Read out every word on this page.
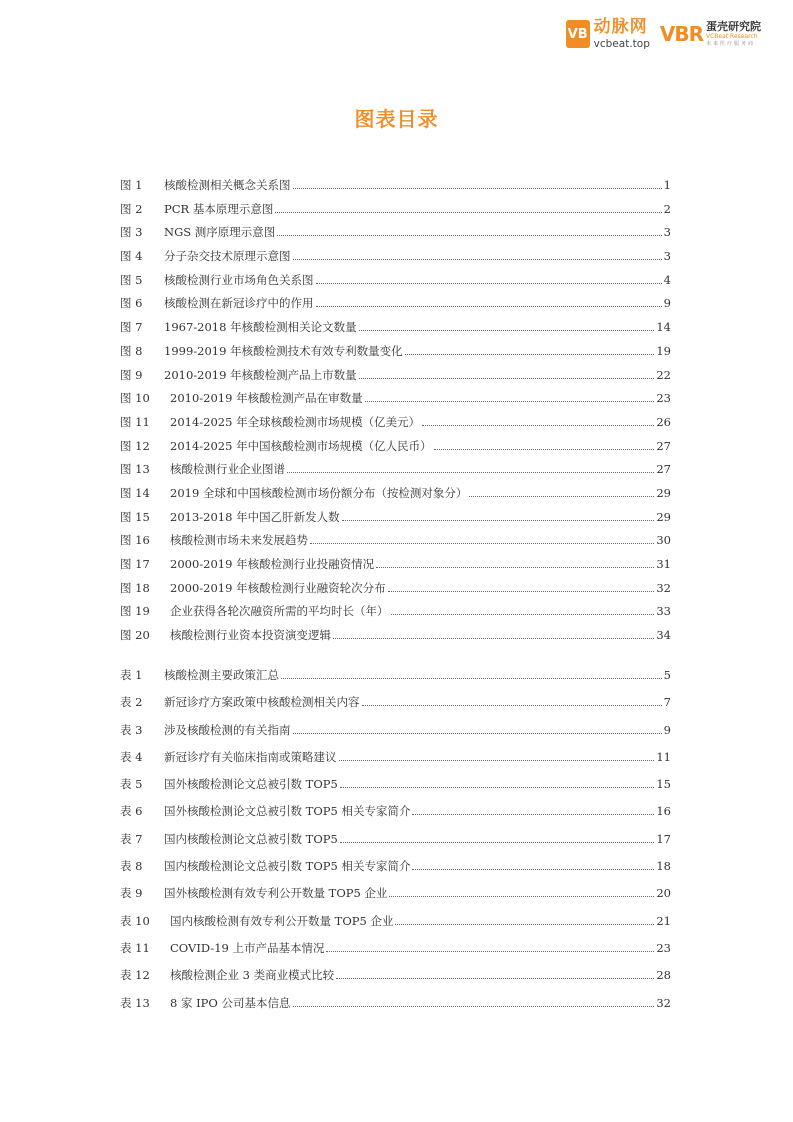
VB 动脉网
vcbeat.top VBR 蛋壳研究院
VCBeat Research
未来医疗服务商
图表目录
图 1	核酸检测相关概念关系图	1
图 2	PCR 基本原理示意图	2
图 3	NGS 测序原理示意图	3
图 4	分子杂交技术原理示意图	3
图 5	核酸检测行业市场角色关系图	4
图 6	核酸检测在新冠诊疗中的作用	9
图 7	1967-2018 年核酸检测相关论文数量	14
图 8	1999-2019 年核酸检测技术有效专利数量变化	19
图 9	2010-2019 年核酸检测产品上市数量	22
图 10	2010-2019 年核酸检测产品在审数量	23
图 11	2014-2025 年全球核酸检测市场规模（亿美元）	26
图 12	2014-2025 年中国核酸检测市场规模（亿人民币）	27
图 13	核酸检测行业企业图谱	27
图 14	2019 全球和中国核酸检测市场份额分布（按检测对象分）	29
图 15	2013-2018 年中国乙肝新发人数	29
图 16	核酸检测市场未来发展趋势	30
图 17	2000-2019 年核酸检测行业投融资情况	31
图 18	2000-2019 年核酸检测行业融资轮次分布	32
图 19	企业获得各轮次融资所需的平均时长（年）	33
图 20	核酸检测行业资本投资演变逻辑	34
表 1	核酸检测主要政策汇总	5
表 2	新冠诊疗方案政策中核酸检测相关内容	7
表 3	涉及核酸检测的有关指南	9
表 4	新冠诊疗有关临床指南或策略建议	11
表 5	国外核酸检测论文总被引数 TOP5	15
表 6	国外核酸检测论文总被引数 TOP5 相关专家简介	16
表 7	国内核酸检测论文总被引数 TOP5	17
表 8	国内核酸检测论文总被引数 TOP5 相关专家简介	18
表 9	国外核酸检测有效专利公开数量 TOP5 企业	20
表 10	国内核酸检测有效专利公开数量 TOP5 企业	21
表 11	COVID-19 上市产品基本情况	23
表 12	核酸检测企业 3 类商业模式比较	28
表 13	8 家 IPO 公司基本信息	32
